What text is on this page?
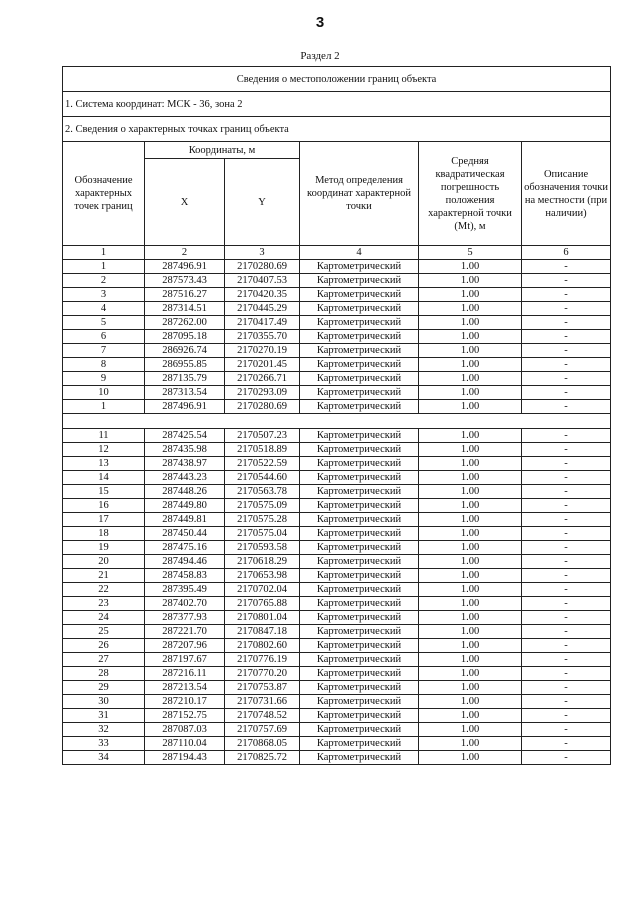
3
Раздел 2
Сведения о местоположении границ объекта					
1. Система координат: МСК - 36, зона 2					
2. Сведения о характерных точках границ объекта					
Обозначение характерных точек границ	Координаты, м		Метод определения координат характерной точки	Средняя квадратическая погрешность положения характерной точки (Mt), м	Описание обозначения точки на местности (при наличии)
	X	Y			
1	2	3	4	5	6
1	287496.91	2170280.69	Картометрический	1.00	-
2	287573.43	2170407.53	Картометрический	1.00	-
3	287516.27	2170420.35	Картометрический	1.00	-
4	287314.51	2170445.29	Картометрический	1.00	-
5	287262.00	2170417.49	Картометрический	1.00	-
6	287095.18	2170355.70	Картометрический	1.00	-
7	286926.74	2170270.19	Картометрический	1.00	-
8	286955.85	2170201.45	Картометрический	1.00	-
9	287135.79	2170266.71	Картометрический	1.00	-
10	287313.54	2170293.09	Картометрический	1.00	-
1	287496.91	2170280.69	Картометрический	1.00	-

11	287425.54	2170507.23	Картометрический	1.00	-
12	287435.98	2170518.89	Картометрический	1.00	-
13	287438.97	2170522.59	Картометрический	1.00	-
14	287443.23	2170544.60	Картометрический	1.00	-
15	287448.26	2170563.78	Картометрический	1.00	-
16	287449.80	2170575.09	Картометрический	1.00	-
17	287449.81	2170575.28	Картометрический	1.00	-
18	287450.44	2170575.04	Картометрический	1.00	-
19	287475.16	2170593.58	Картометрический	1.00	-
20	287494.46	2170618.29	Картометрический	1.00	-
21	287458.83	2170653.98	Картометрический	1.00	-
22	287395.49	2170702.04	Картометрический	1.00	-
23	287402.70	2170765.88	Картометрический	1.00	-
24	287377.93	2170801.04	Картометрический	1.00	-
25	287221.70	2170847.18	Картометрический	1.00	-
26	287207.96	2170802.60	Картометрический	1.00	-
27	287197.67	2170776.19	Картометрический	1.00	-
28	287216.11	2170770.20	Картометрический	1.00	-
29	287213.54	2170753.87	Картометрический	1.00	-
30	287210.17	2170731.66	Картометрический	1.00	-
31	287152.75	2170748.52	Картометрический	1.00	-
32	287087.03	2170757.69	Картометрический	1.00	-
33	287110.04	2170868.05	Картометрический	1.00	-
34	287194.43	2170825.72	Картометрический	1.00	-
